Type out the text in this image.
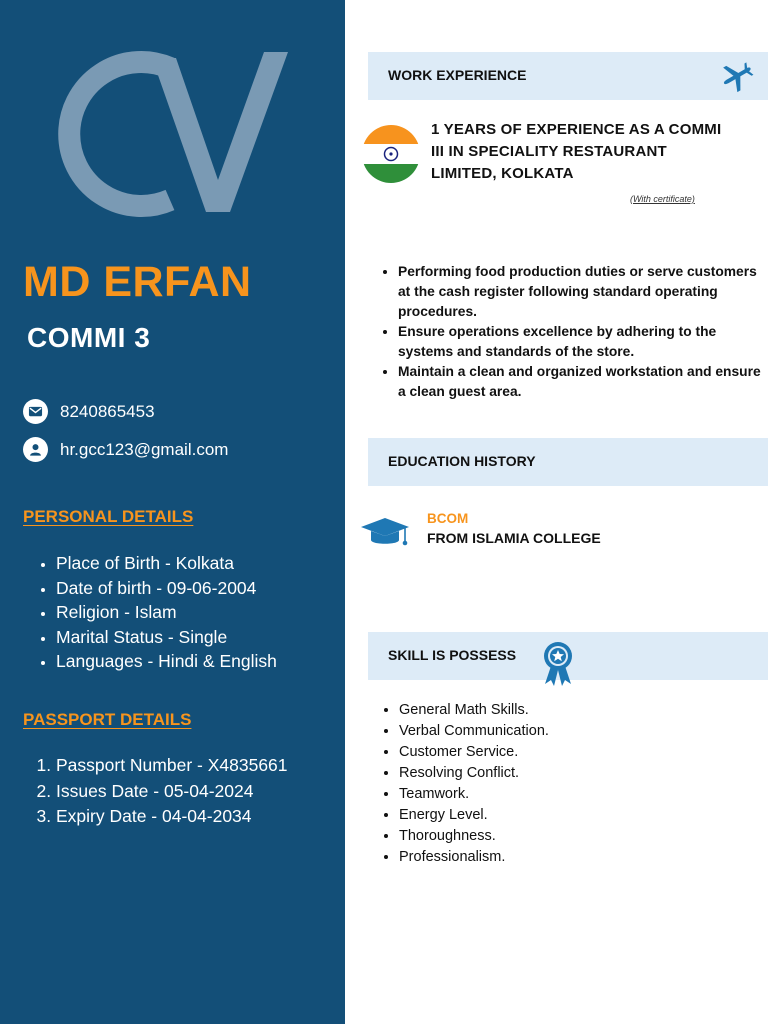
MD ERFAN
COMMI 3
8240865453
hr.gcc123@gmail.com
PERSONAL DETAILS
• Place of Birth - Kolkata
• Date of birth - 09-06-2004
• Religion - Islam
• Marital Status - Single
• Languages - Hindi & English
PASSPORT DETAILS
1. Passport Number - X4835661
2. Issues Date - 05-04-2024
3. Expiry Date - 04-04-2034
WORK EXPERIENCE
1 YEARS OF EXPERIENCE AS A COMMI III IN SPECIALITY RESTAURANT LIMITED, KOLKATA
(With certificate)
• Performing food production duties or serve customers at the cash register following standard operating procedures.
• Ensure operations excellence by adhering to the systems and standards of the store.
• Maintain a clean and organized workstation and ensure a clean guest area.
EDUCATION HISTORY
BCOM
FROM ISLAMIA COLLEGE
SKILL IS POSSESS
• General Math Skills.
• Verbal Communication.
• Customer Service.
• Resolving Conflict.
• Teamwork.
• Energy Level.
• Thoroughness.
• Professionalism.
